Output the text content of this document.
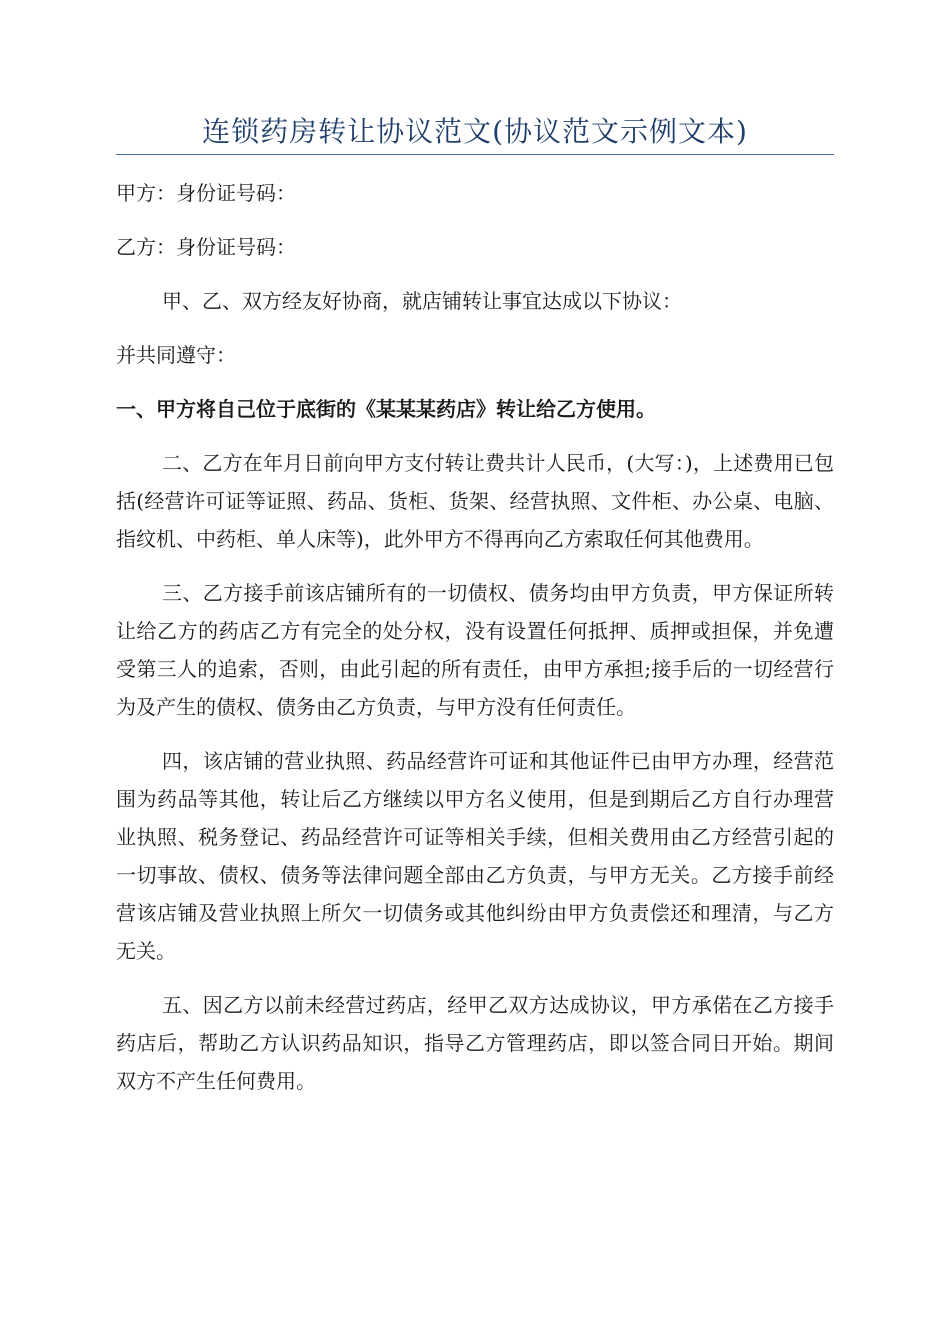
连锁药房转让协议范文(协议范文示例文本)

甲方：身份证号码：

乙方：身份证号码：

甲、乙、双方经友好协商，就店铺转让事宜达成以下协议：

并共同遵守：

一、甲方将自己位于底街的《某某某药店》转让给乙方使用。

二、乙方在年月日前向甲方支付转让费共计人民币，(大写：)，上述费用已包括(经营许可证等证照、药品、货柜、货架、经营执照、文件柜、办公桌、电脑、指纹机、中药柜、单人床等)，此外甲方不得再向乙方索取任何其他费用。

三、乙方接手前该店铺所有的一切债权、债务均由甲方负责，甲方保证所转让给乙方的药店乙方有完全的处分权，没有设置任何抵押、质押或担保，并免遭受第三人的追索，否则，由此引起的所有责任，由甲方承担;接手后的一切经营行为及产生的债权、债务由乙方负责，与甲方没有任何责任。

四，该店铺的营业执照、药品经营许可证和其他证件已由甲方办理，经营范围为药品等其他，转让后乙方继续以甲方名义使用，但是到期后乙方自行办理营业执照、税务登记、药品经营许可证等相关手续，但相关费用由乙方经营引起的一切事故、债权、债务等法律问题全部由乙方负责，与甲方无关。乙方接手前经营该店铺及营业执照上所欠一切债务或其他纠纷由甲方负责偿还和理清，与乙方无关。

五、因乙方以前未经营过药店，经甲乙双方达成协议，甲方承偌在乙方接手药店后，帮助乙方认识药品知识，指导乙方管理药店，即以签合同日开始。期间双方不产生任何费用。
